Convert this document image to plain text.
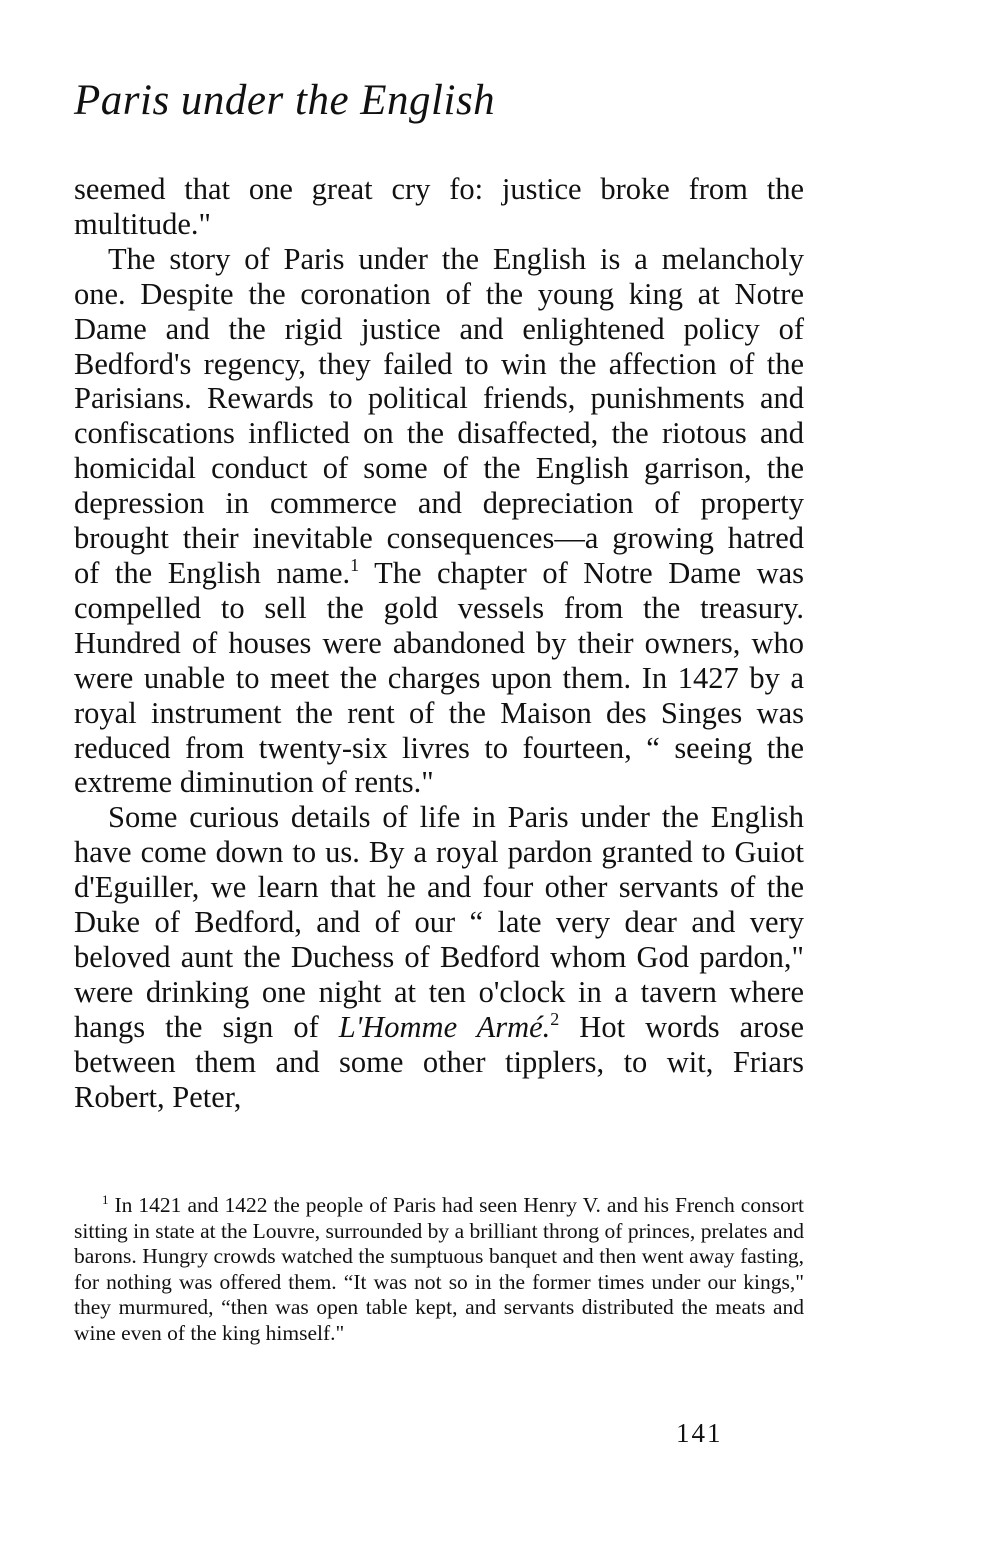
Paris under the English

seemed that one great cry fo: justice broke from the multitude."

The story of Paris under the English is a melancholy one. Despite the coronation of the young king at Notre Dame and the rigid justice and enlightened policy of Bedford's regency, they failed to win the affection of the Parisians. Rewards to political friends, punishments and confiscations inflicted on the disaffected, the riotous and homicidal conduct of some of the English garrison, the depression in commerce and depreciation of property brought their inevitable consequences—a growing hatred of the English name.$^1$ The chapter of Notre Dame was compelled to sell the gold vessels from the treasury. Hundred of houses were abandoned by their owners, who were unable to meet the charges upon them. In 1427 by a royal instrument the rent of the Maison des Singes was reduced from twenty-six livres to fourteen, “ seeing the extreme diminution of rents."

Some curious details of life in Paris under the English have come down to us. By a royal pardon granted to Guiot d'Eguiller, we learn that he and four other servants of the Duke of Bedford, and of our “ late very dear and very beloved aunt the Duchess of Bedford whom God pardon," were drinking one night at ten o'clock in a tavern where hangs the sign of L'Homme Armé.$^2$ Hot words arose between them and some other tipplers, to wit, Friars Robert, Peter,

$^1$ In 1421 and 1422 the people of Paris had seen Henry V. and his French consort sitting in state at the Louvre, surrounded by a brilliant throng of princes, prelates and barons. Hungry crowds watched the sumptuous banquet and then went away fasting, for nothing was offered them. “It was not so in the former times under our kings," they murmured, “then was open table kept, and servants distributed the meats and wine even of the king himself."

141
